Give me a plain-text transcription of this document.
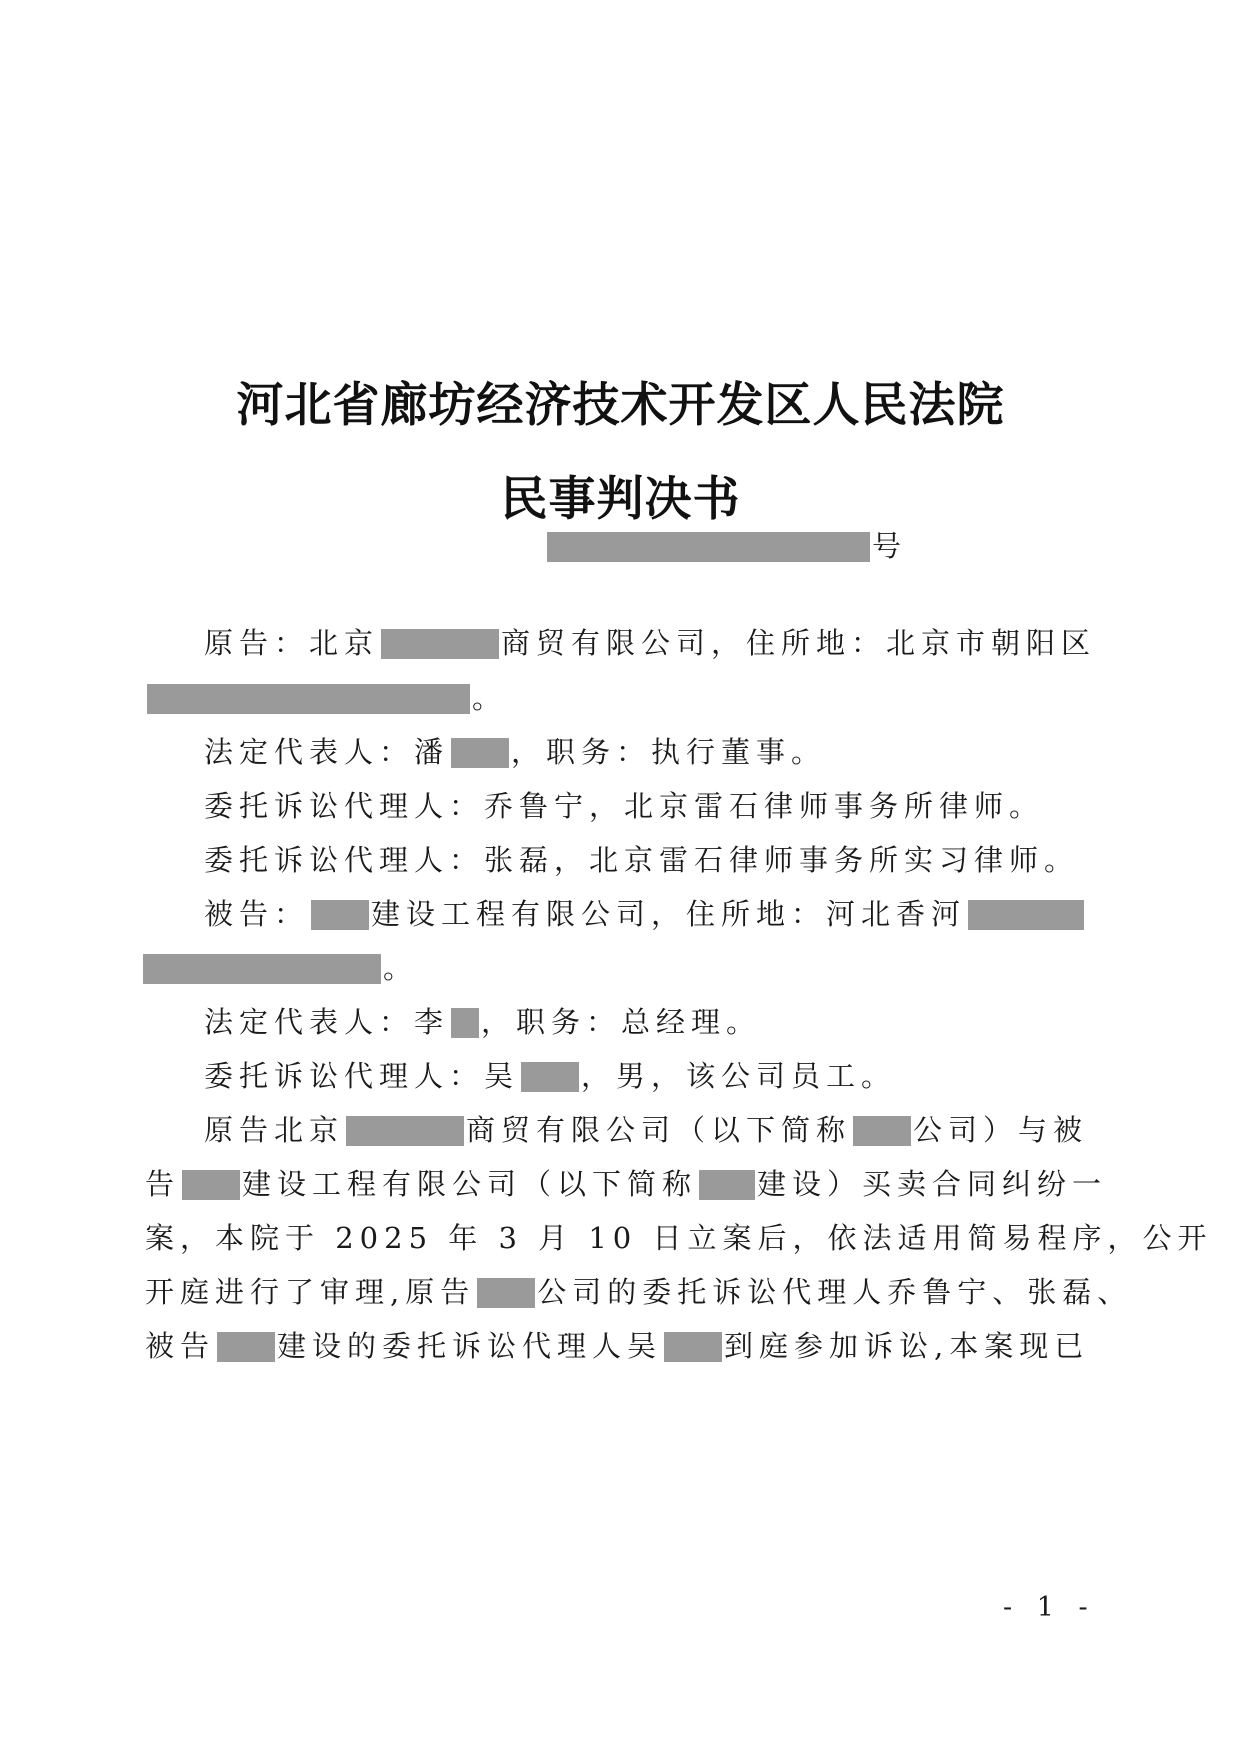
河北省廊坊经济技术开发区人民法院
民事判决书

号

原告：北京	商贸有限公司，住所地：北京市朝阳区

。

法定代表人：潘 ，职务：执行董事。

委托诉讼代理人：乔鲁宁，北京雷石律师事务所律师。

委托诉讼代理人：张磊，北京雷石律师事务所实习律师。

被告： 建设工程有限公司，住所地：河北香河

。

法定代表人：李 ，职务：总经理。

委托诉讼代理人：吴 ，男，该公司员工。

原告北京	商贸有限公司（以下简称 公司）与被

告 建设工程有限公司（以下简称 建设）买卖合同纠纷一

案，本院于 2025 年 3 月 10 日立案后，依法适用简易程序，公开

开庭进行了审理,原告 公司的委托诉讼代理人乔鲁宁、张磊、

被告 建设的委托诉讼代理人吴 到庭参加诉讼,本案现已

- 1 -
